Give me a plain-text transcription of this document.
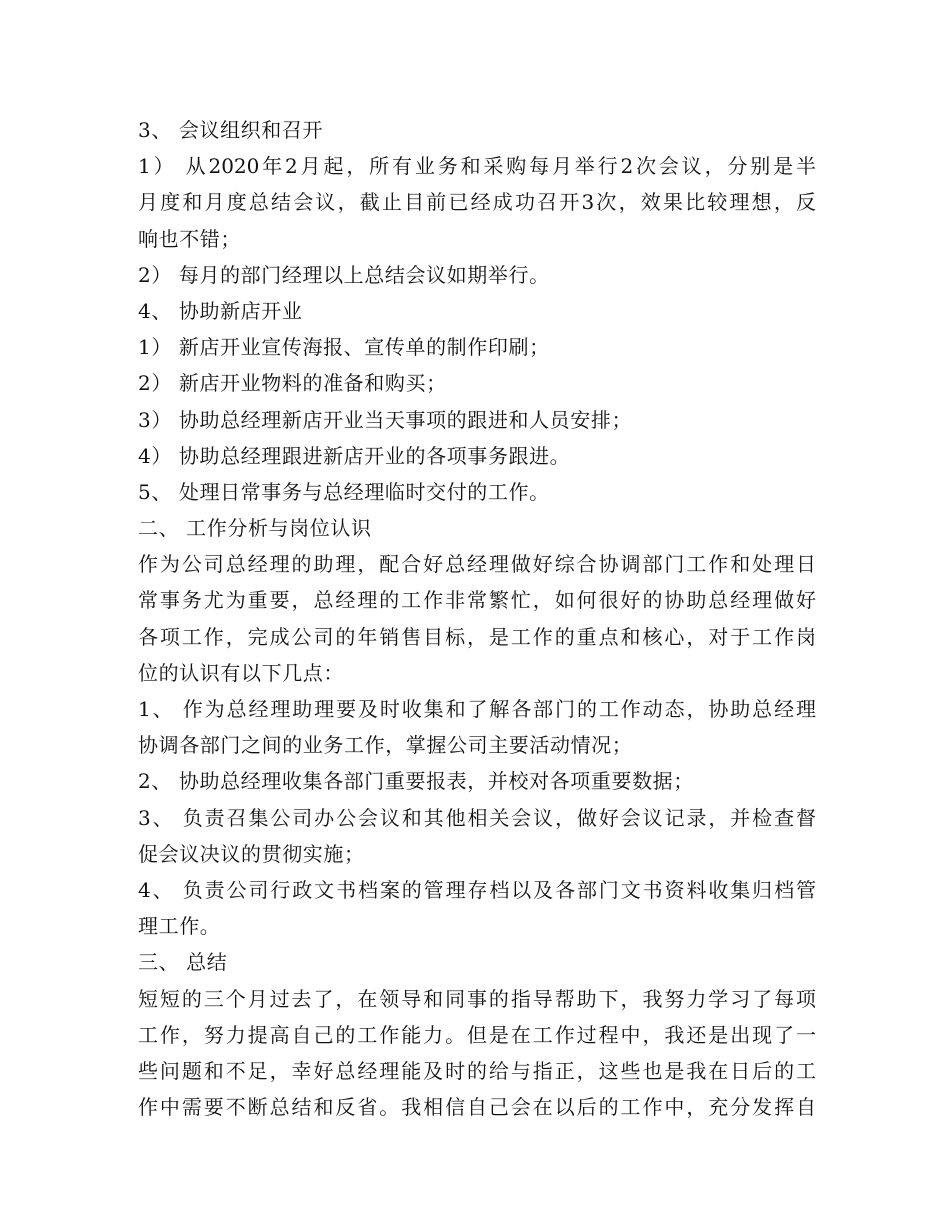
3、 会议组织和召开
1） 从2020年2月起，所有业务和采购每月举行2次会议，分别是半
月度和月度总结会议，截止目前已经成功召开3次，效果比较理想，反
响也不错；
2） 每月的部门经理以上总结会议如期举行。
4、 协助新店开业
1） 新店开业宣传海报、宣传单的制作印刷；
2） 新店开业物料的准备和购买；
3） 协助总经理新店开业当天事项的跟进和人员安排；
4） 协助总经理跟进新店开业的各项事务跟进。
5、 处理日常事务与总经理临时交付的工作。
二、 工作分析与岗位认识
作为公司总经理的助理，配合好总经理做好综合协调部门工作和处理日
常事务尤为重要，总经理的工作非常繁忙，如何很好的协助总经理做好
各项工作，完成公司的年销售目标，是工作的重点和核心，对于工作岗
位的认识有以下几点：
1、 作为总经理助理要及时收集和了解各部门的工作动态，协助总经理
协调各部门之间的业务工作，掌握公司主要活动情况；
2、 协助总经理收集各部门重要报表，并校对各项重要数据；
3、 负责召集公司办公会议和其他相关会议，做好会议记录，并检查督
促会议决议的贯彻实施；
4、 负责公司行政文书档案的管理存档以及各部门文书资料收集归档管
理工作。
三、 总结
短短的三个月过去了，在领导和同事的指导帮助下，我努力学习了每项
工作，努力提高自己的工作能力。但是在工作过程中，我还是出现了一
些问题和不足，幸好总经理能及时的给与指正，这些也是我在日后的工
作中需要不断总结和反省。我相信自己会在以后的工作中，充分发挥自
